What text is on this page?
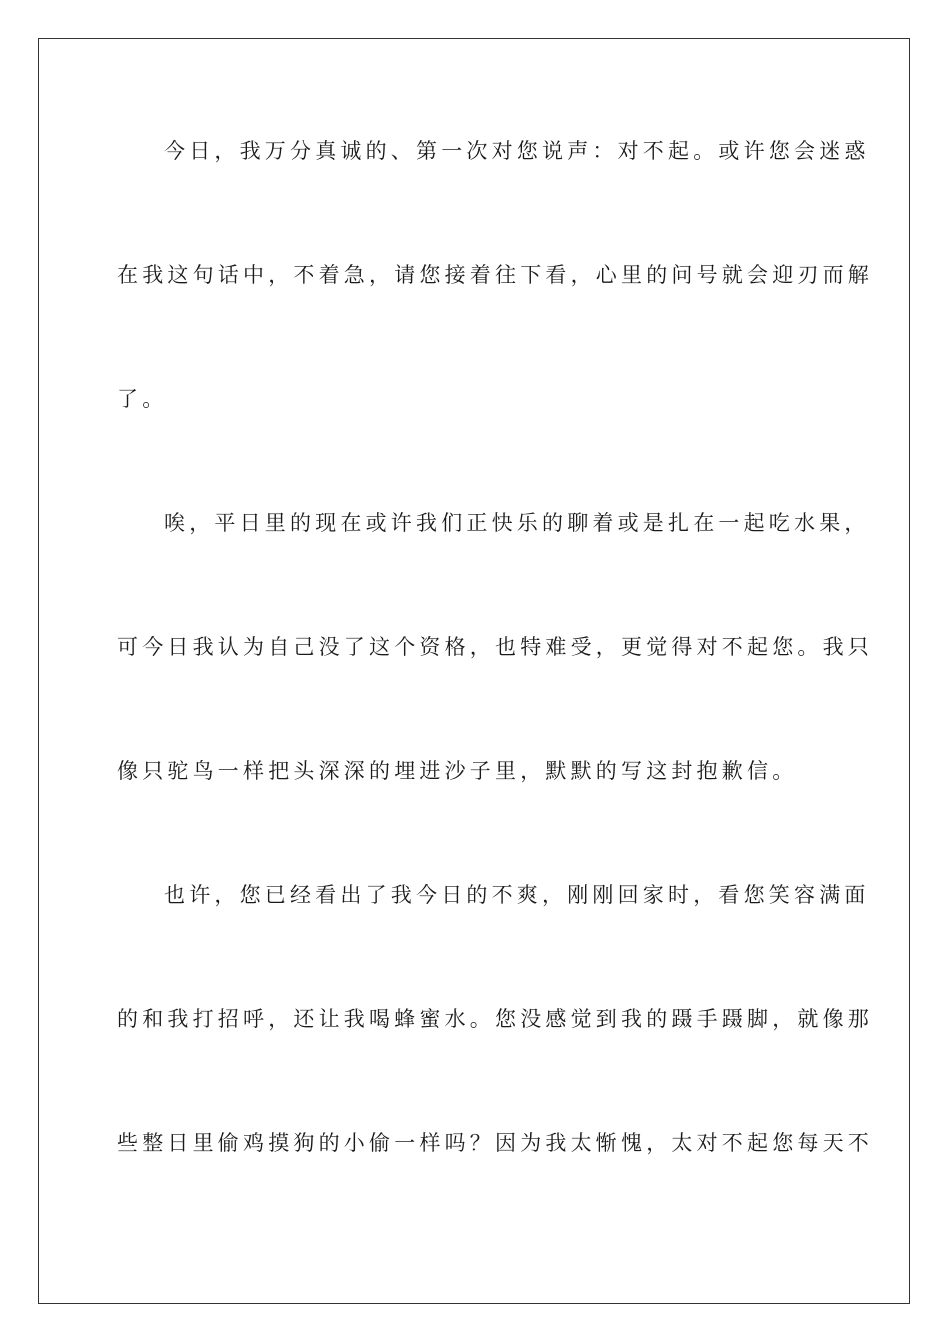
今日，我万分真诚的、第一次对您说声：对不起。或许您会迷惑
在我这句话中，不着急，请您接着往下看，心里的问号就会迎刃而解
了。
唉，平日里的现在或许我们正快乐的聊着或是扎在一起吃水果，
可今日我认为自己没了这个资格，也特难受，更觉得对不起您。我只
像只驼鸟一样把头深深的埋进沙子里，默默的写这封抱歉信。
也许，您已经看出了我今日的不爽，刚刚回家时，看您笑容满面
的和我打招呼，还让我喝蜂蜜水。您没感觉到我的蹑手蹑脚，就像那
些整日里偷鸡摸狗的小偷一样吗？因为我太惭愧，太对不起您每天不
